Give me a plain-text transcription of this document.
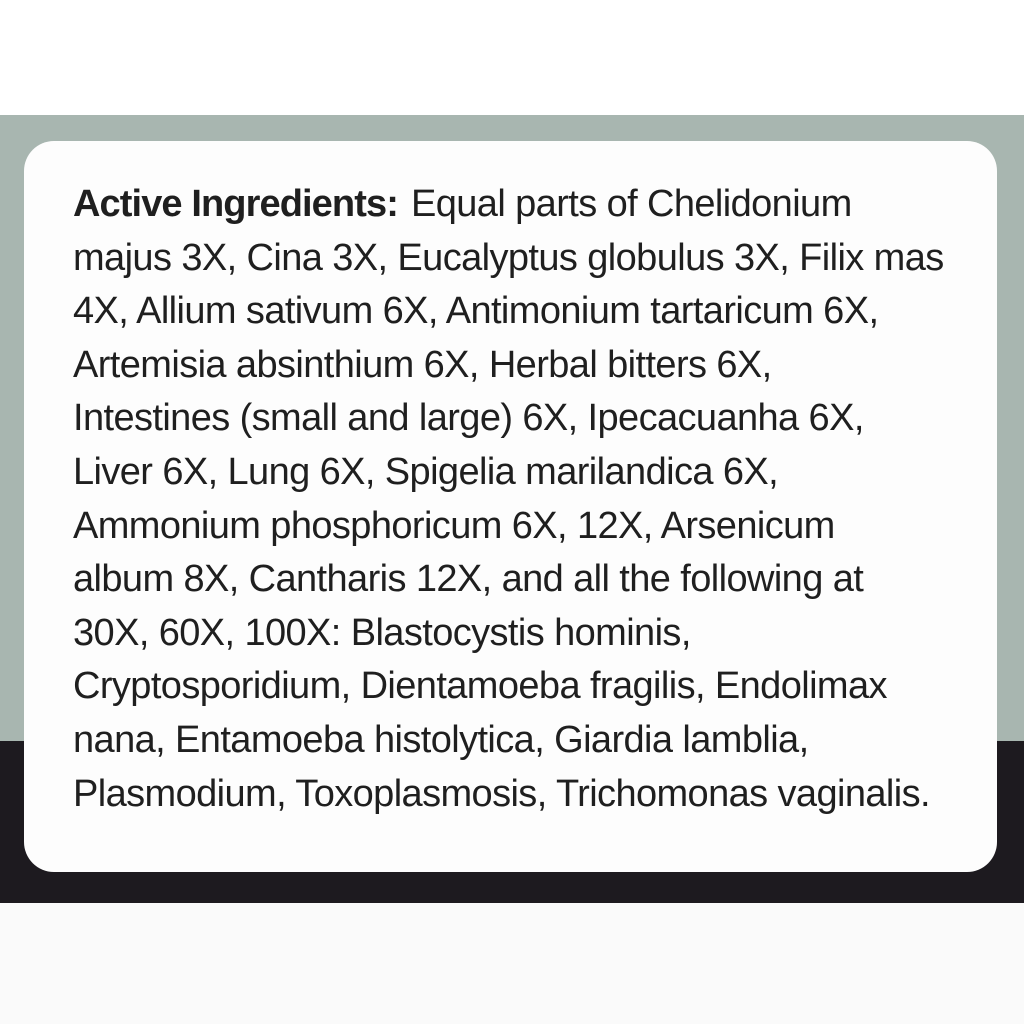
Active Ingredients: Equal parts of Chelidonium
majus 3X, Cina 3X, Eucalyptus globulus 3X, Filix mas
4X, Allium sativum 6X, Antimonium tartaricum 6X,
Artemisia absinthium 6X, Herbal bitters 6X,
Intestines (small and large) 6X, Ipecacuanha 6X,
Liver 6X, Lung 6X, Spigelia marilandica 6X,
Ammonium phosphoricum 6X, 12X, Arsenicum
album 8X, Cantharis 12X, and all the following at
30X, 60X, 100X: Blastocystis hominis,
Cryptosporidium, Dientamoeba fragilis, Endolimax
nana, Entamoeba histolytica, Giardia lamblia,
Plasmodium, Toxoplasmosis, Trichomonas vaginalis.
